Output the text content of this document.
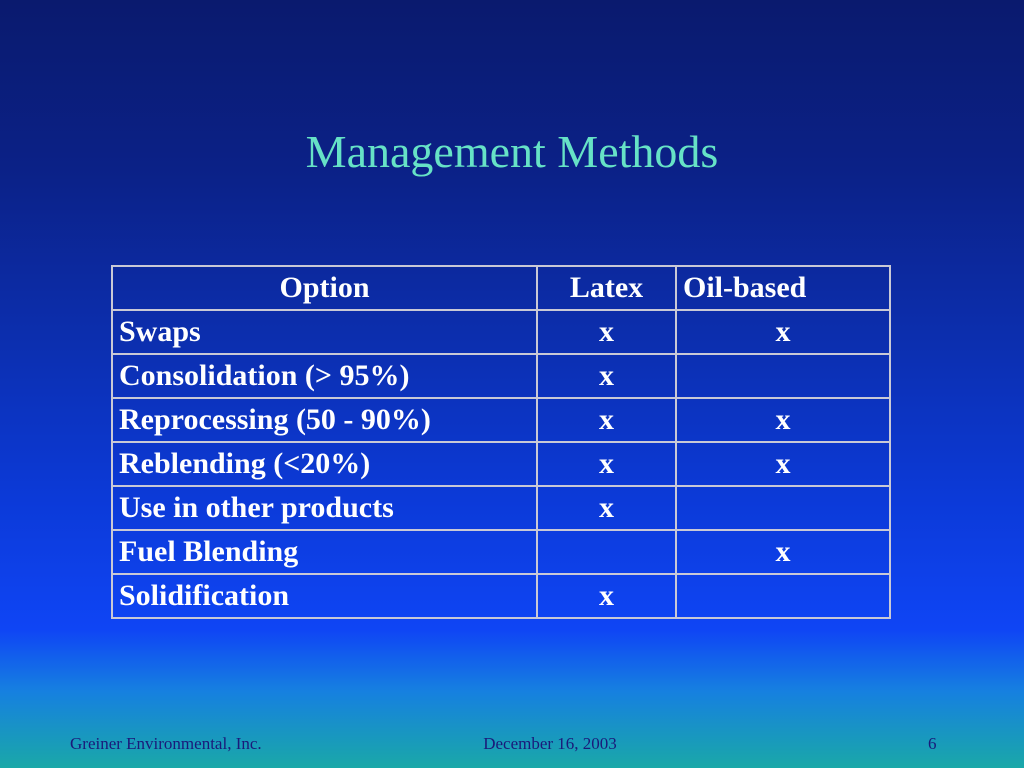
Management Methods
Option	Latex	Oil-based
Swaps	x	x
Consolidation (> 95%)	x	
Reprocessing (50 - 90%)	x	x
Reblending (<20%)	x	x
Use in other products	x	
Fuel Blending		x
Solidification	x	
Greiner Environmental, Inc.	December 16, 2003	6
